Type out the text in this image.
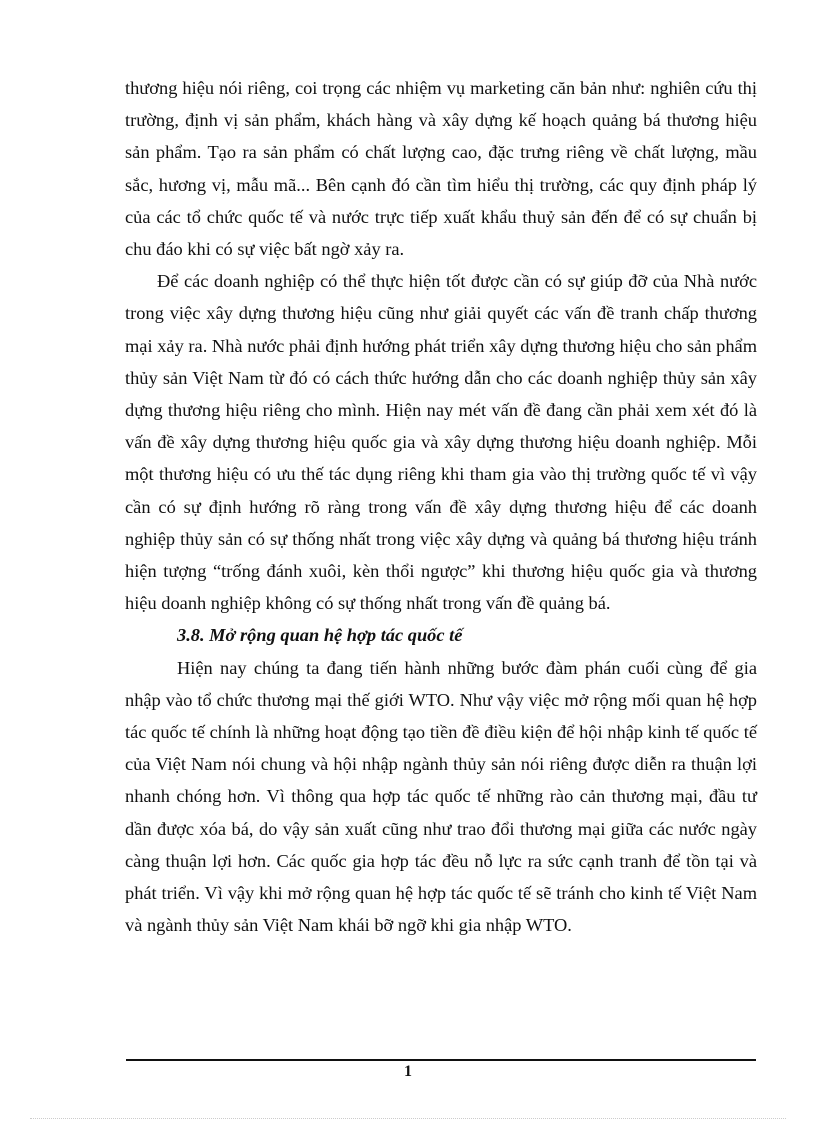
thương hiệu nói riêng, coi trọng các nhiệm vụ marketing căn bản như: nghiên cứu thị trường, định vị sản phẩm, khách hàng và xây dựng kế hoạch quảng bá thương hiệu sản phẩm. Tạo ra sản phẩm có chất lượng cao, đặc trưng riêng về chất lượng, mầu sắc, hương vị, mẫu mã... Bên cạnh đó cần tìm hiểu thị trường, các quy định pháp lý của các tổ chức quốc tế và nước trực tiếp xuất khẩu thuỷ sản đến để có sự chuẩn bị chu đáo khi có sự việc bất ngờ xảy ra.

Để các doanh nghiệp có thể thực hiện tốt được cần có sự giúp đỡ của Nhà nước trong việc xây dựng thương hiệu cũng như giải quyết các vấn đề tranh chấp thương mại xảy ra. Nhà nước phải định hướng phát triển xây dựng thương hiệu cho sản phẩm thủy sản Việt Nam từ đó có cách thức hướng dẫn cho các doanh nghiệp thủy sản xây dựng thương hiệu riêng cho mình. Hiện nay mét vấn đề đang cần phải xem xét đó là vấn đề xây dựng thương hiệu quốc gia và xây dựng thương hiệu doanh nghiệp. Mỗi một thương hiệu có ưu thế tác dụng riêng khi tham gia vào thị trường quốc tế vì vậy cần có sự định hướng rõ ràng trong vấn đề xây dựng thương hiệu để các doanh nghiệp thủy sản có sự thống nhất trong việc xây dựng và quảng bá thương hiệu tránh hiện tượng “trống đánh xuôi, kèn thổi ngược” khi thương hiệu quốc gia và thương hiệu doanh nghiệp không có sự thống nhất trong vấn đề quảng bá.

3.8. Mở rộng quan hệ hợp tác quốc tế

Hiện nay chúng ta đang tiến hành những bước đàm phán cuối cùng để gia nhập vào tổ chức thương mại thế giới WTO. Như vậy việc mở rộng mối quan hệ hợp tác quốc tế chính là những hoạt động tạo tiền đề điều kiện để hội nhập kinh tế quốc tế của Việt Nam nói chung và hội nhập ngành thủy sản nói riêng được diễn ra thuận lợi nhanh chóng hơn. Vì thông qua hợp tác quốc tế những rào cản thương mại, đầu tư dần được xóa bá, do vậy sản xuất cũng như trao đổi thương mại giữa các nước ngày càng thuận lợi hơn. Các quốc gia hợp tác đều nỗ lực ra sức cạnh tranh để tồn tại và phát triển. Vì vậy khi mở rộng quan hệ hợp tác quốc tế sẽ tránh cho kinh tế Việt Nam và ngành thủy sản Việt Nam khái bỡ ngỡ khi gia nhập WTO.

1
